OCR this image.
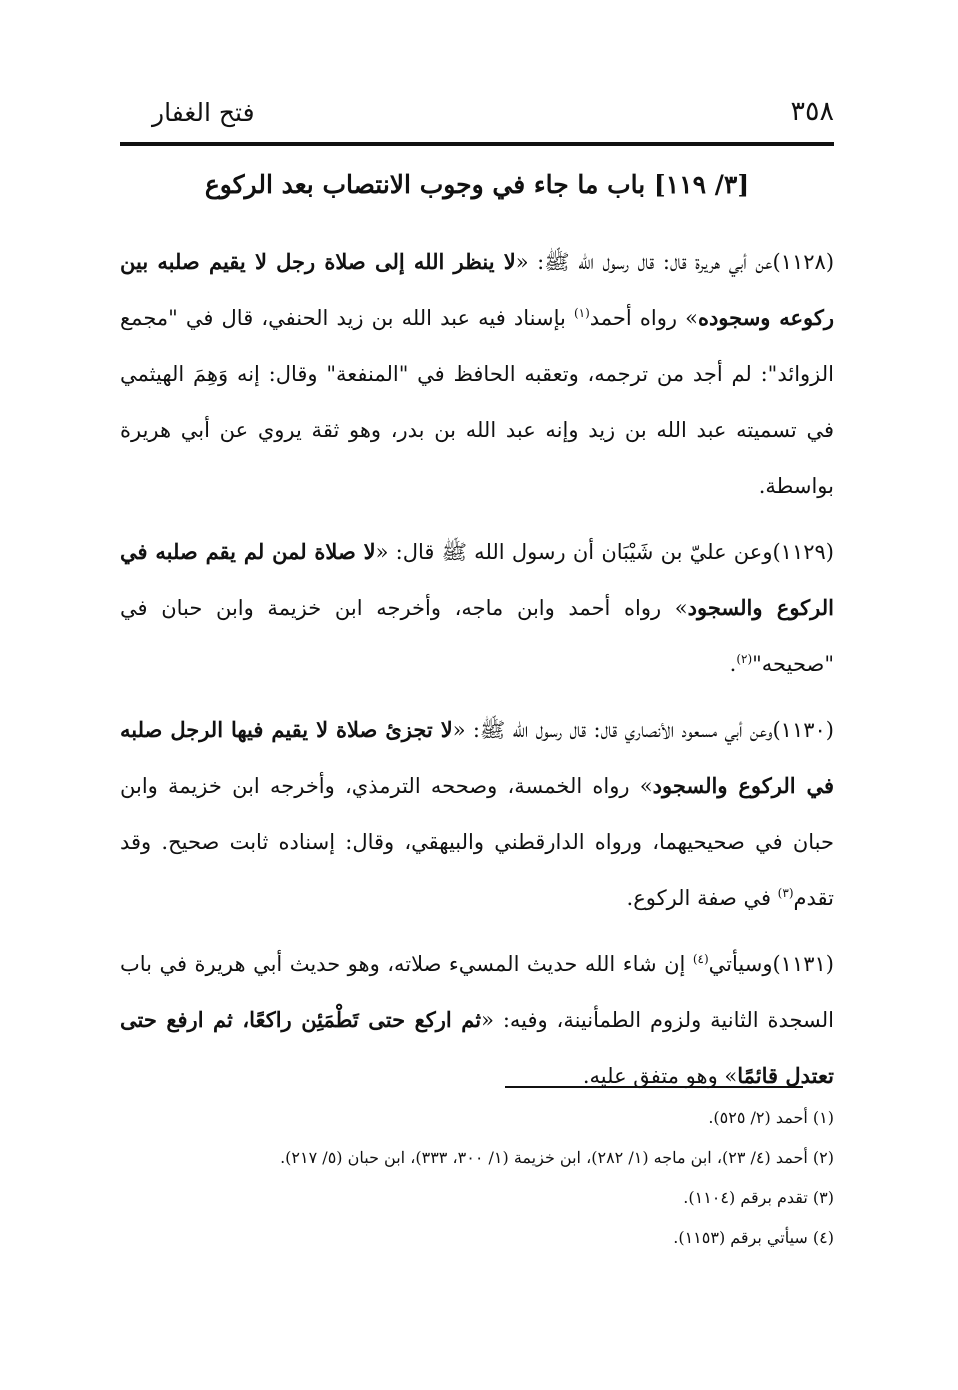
٣٥٨
فتح الغفار
[٣/ ١١٩] باب ما جاء في وجوب الانتصاب بعد الركوع

(١١٢٨)عن أبي هريرة قال: قال رسول الله ﷺ: «لا ينظر الله إلى صلاة رجل لا يقيم صلبه بين ركوعه وسجوده» رواه أحمد$^{(١)}$ بإسناد فيه عبد الله بن زيد الحنفي، قال في "مجمع الزوائد": لم أجد من ترجمه، وتعقبه الحافظ في "المنفعة" وقال: إنه وَهِمَ الهيثمي في تسميته عبد الله بن زيد وإنه عبد الله بن بدر، وهو ثقة يروي عن أبي هريرة بواسطة.

(١١٢٩)وعن عليّ بن شَيْبَان أن رسول الله ﷺ قال: «لا صلاة لمن لم يقم صلبه في الركوع والسجود» رواه أحمد وابن ماجه، وأخرجه ابن خزيمة وابن حبان في "صحيحه"$^{(٢)}$.

(١١٣٠)وعن أبي مسعود الأنصاري قال: قال رسول الله ﷺ: «لا تجزئ صلاة لا يقيم فيها الرجل صلبه في الركوع والسجود» رواه الخمسة، وصححه الترمذي، وأخرجه ابن خزيمة وابن حبان في صحيحيهما، ورواه الدارقطني والبيهقي، وقال: إسناده ثابت صحيح. وقد تقدم$^{(٣)}$ في صفة الركوع.

(١١٣١)وسيأتي$^{(٤)}$ إن شاء الله حديث المسيء صلاته، وهو حديث أبي هريرة في باب السجدة الثانية ولزوم الطمأنينة، وفيه: «ثم اركع حتى تَطْمَئِن راكعًا، ثم ارفع حتى تعتدل قائمًا» وهو متفق عليه.

(١) أحمد (٢/ ٥٢٥).
(٢) أحمد (٤/ ٢٣)، ابن ماجه (١/ ٢٨٢)، ابن خزيمة (١/ ٣٠٠، ٣٣٣)، ابن حبان (٥/ ٢١٧).
(٣) تقدم برقم (١١٠٤).
(٤) سيأتي برقم (١١٥٣).
